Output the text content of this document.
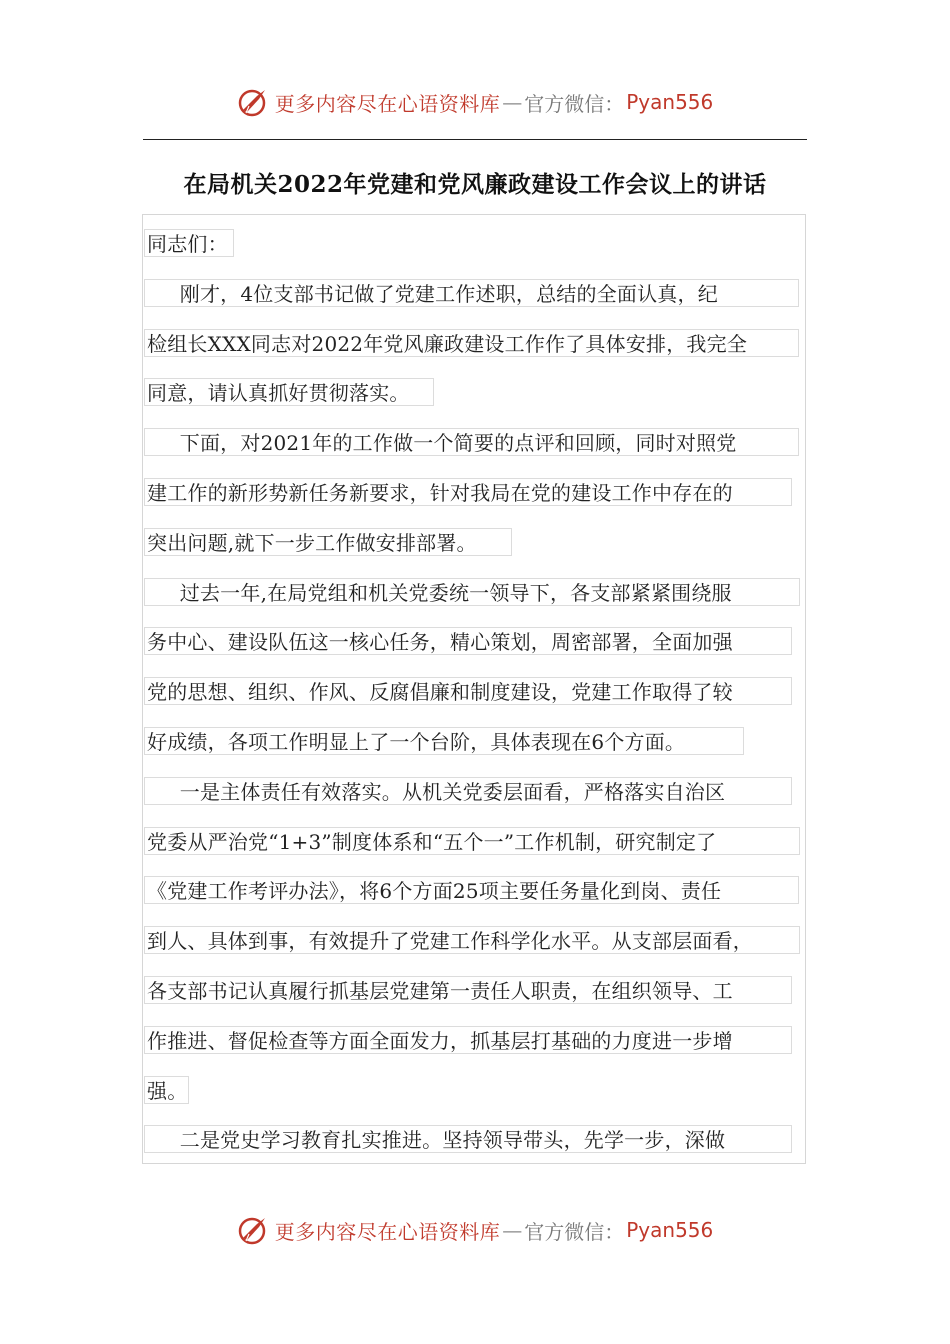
更多内容尽在心语资料库 — 官方微信： Pyan556
在局机关2022年党建和党风廉政建设工作会议上的讲话
同志们：
刚才，4位支部书记做了党建工作述职，总结的全面认真，纪
检组长XXX同志对2022年党风廉政建设工作作了具体安排，我完全
同意，请认真抓好贯彻落实。
下面，对2021年的工作做一个简要的点评和回顾，同时对照党
建工作的新形势新任务新要求，针对我局在党的建设工作中存在的
突出问题,就下一步工作做安排部署。
过去一年,在局党组和机关党委统一领导下，各支部紧紧围绕服
务中心、建设队伍这一核心任务，精心策划，周密部署，全面加强
党的思想、组织、作风、反腐倡廉和制度建设，党建工作取得了较
好成绩，各项工作明显上了一个台阶，具体表现在6个方面。
一是主体责任有效落实。从机关党委层面看，严格落实自治区
党委从严治党“1+3”制度体系和“五个一”工作机制，研究制定了
《党建工作考评办法》，将6个方面25项主要任务量化到岗、责任
到人、具体到事，有效提升了党建工作科学化水平。从支部层面看，
各支部书记认真履行抓基层党建第一责任人职责，在组织领导、工
作推进、督促检查等方面全面发力，抓基层打基础的力度进一步增
强。
二是党史学习教育扎实推进。坚持领导带头，先学一步，深做
更多内容尽在心语资料库 — 官方微信： Pyan556
